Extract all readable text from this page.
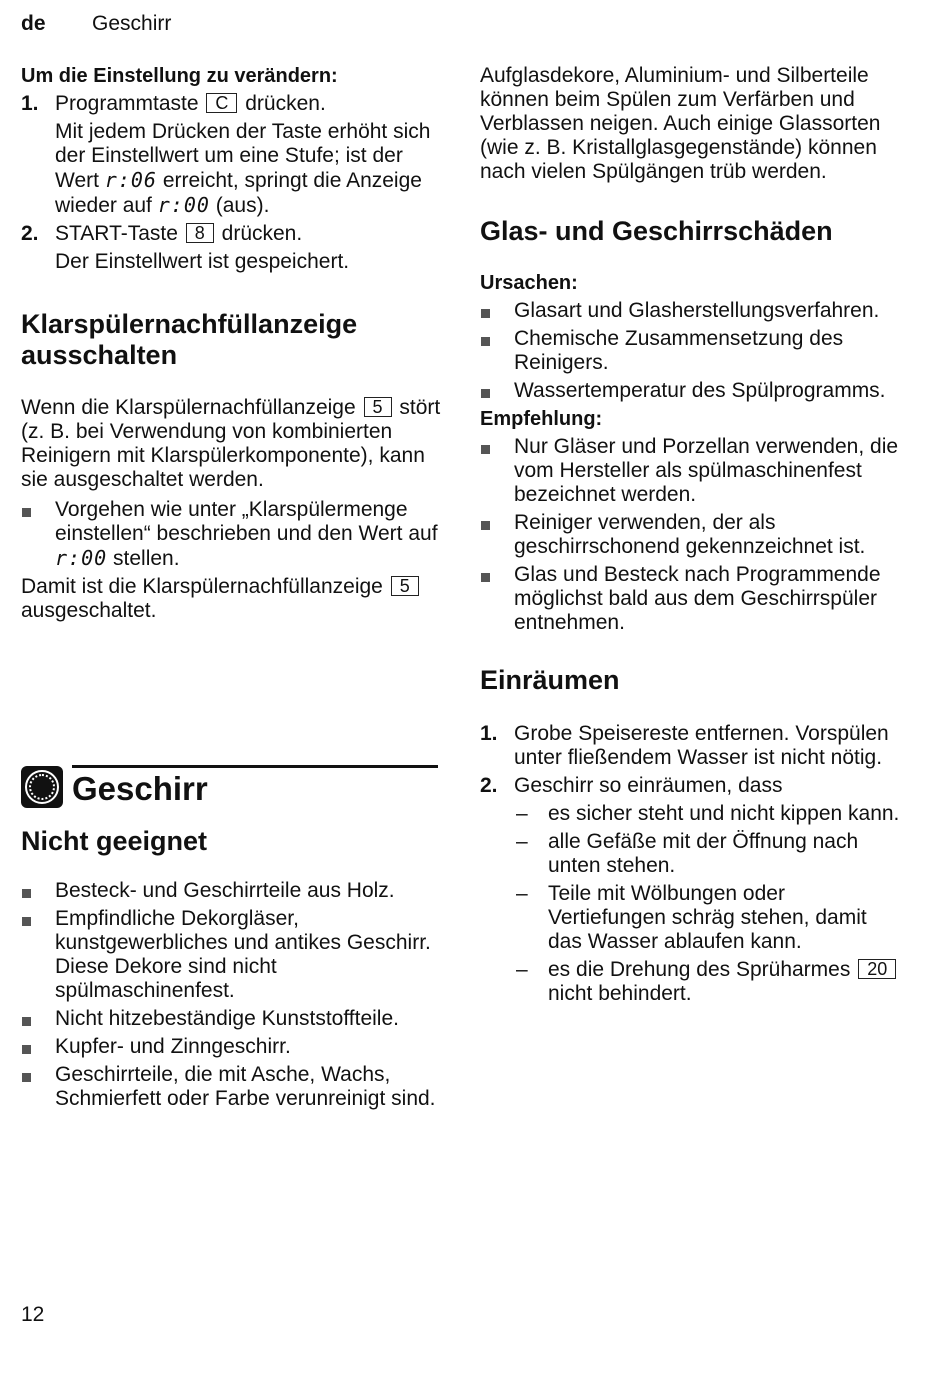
de Geschirr
Um die Einstellung zu verändern:
1. Programmtaste C drücken.
Mit jedem Drücken der Taste erhöht sich der Einstellwert um eine Stufe; ist der Wert r:06 erreicht, springt die Anzeige wieder auf r:00 (aus).
2. START-Taste 8 drücken.
Der Einstellwert ist gespeichert.
Klarspülernachfüllanzeige ausschalten
Wenn die Klarspülernachfüllanzeige 5 stört (z. B. bei Verwendung von kombinierten Reinigern mit Klarspülerkomponente), kann sie ausgeschaltet werden.
Vorgehen wie unter „Klarspülermenge einstellen“ beschrieben und den Wert auf r:00 stellen.
Damit ist die Klarspülernachfüllanzeige 5 ausgeschaltet.
Geschirr
Nicht geeignet
Besteck- und Geschirrteile aus Holz.
Empfindliche Dekorgläser, kunstgewerbliches und antikes Geschirr. Diese Dekore sind nicht spülmaschinenfest.
Nicht hitzebeständige Kunststoffteile.
Kupfer- und Zinngeschirr.
Geschirrteile, die mit Asche, Wachs, Schmierfett oder Farbe verunreinigt sind.
Aufglasdekore, Aluminium- und Silberteile können beim Spülen zum Verfärben und Verblassen neigen. Auch einige Glassorten (wie z. B. Kristallglasgegenstände) können nach vielen Spülgängen trüb werden.
Glas- und Geschirrschäden
Ursachen:
Glasart und Glasherstellungsverfahren.
Chemische Zusammensetzung des Reinigers.
Wassertemperatur des Spülprogramms.
Empfehlung:
Nur Gläser und Porzellan verwenden, die vom Hersteller als spülmaschinenfest bezeichnet werden.
Reiniger verwenden, der als geschirrschonend gekennzeichnet ist.
Glas und Besteck nach Programmende möglichst bald aus dem Geschirrspüler entnehmen.
Einräumen
1. Grobe Speisereste entfernen. Vorspülen unter fließendem Wasser ist nicht nötig.
2. Geschirr so einräumen, dass
– es sicher steht und nicht kippen kann.
– alle Gefäße mit der Öffnung nach unten stehen.
– Teile mit Wölbungen oder Vertiefungen schräg stehen, damit das Wasser ablaufen kann.
– es die Drehung des Sprüharmes 20 nicht behindert.
12
